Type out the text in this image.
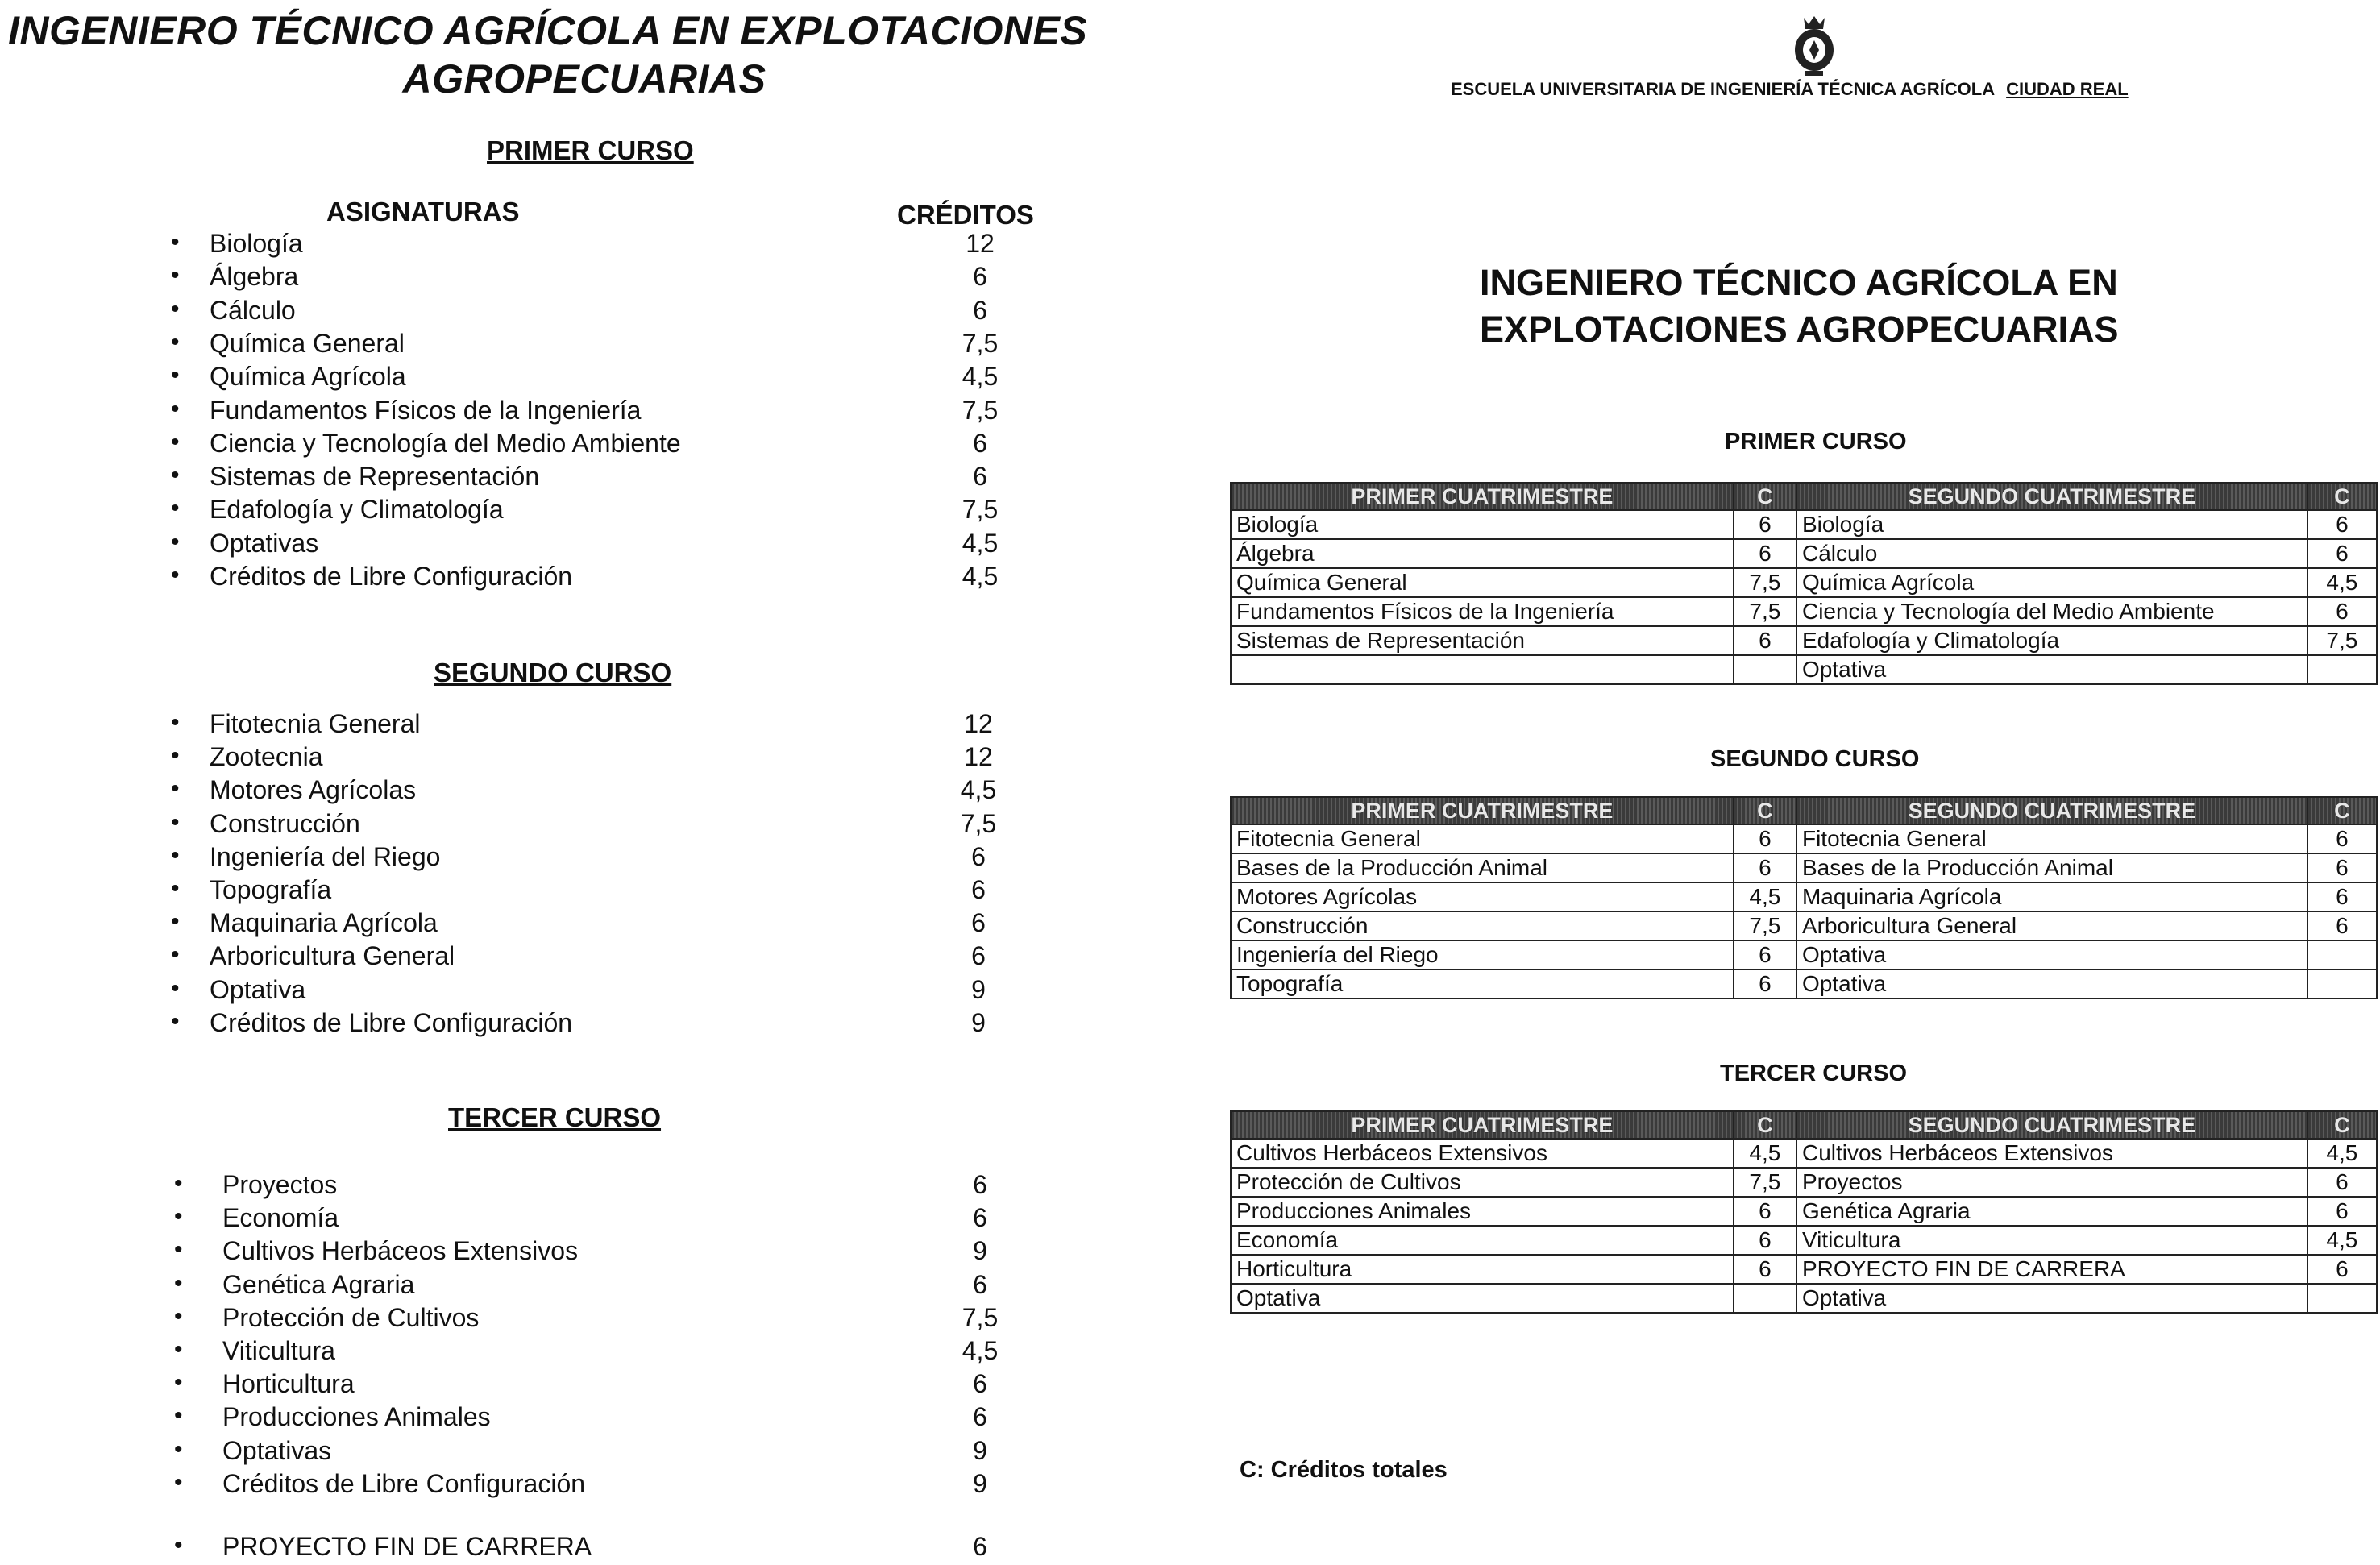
INGENIERO TÉCNICO AGRÍCOLA EN EXPLOTACIONES
AGROPECUARIAS
PRIMER CURSO
ASIGNATURAS	CRÉDITOS
• Biología	12
• Álgebra	6
• Cálculo	6
• Química General	7,5
• Química Agrícola	4,5
• Fundamentos Físicos de la Ingeniería	7,5
• Ciencia y Tecnología del Medio Ambiente	6
• Sistemas de Representación	6
• Edafología y Climatología	7,5
• Optativas	4,5
• Créditos de Libre Configuración	4,5
SEGUNDO CURSO
• Fitotecnia General	12
• Zootecnia	12
• Motores Agrícolas	4,5
• Construcción	7,5
• Ingeniería del Riego	6
• Topografía	6
• Maquinaria Agrícola	6
• Arboricultura General	6
• Optativa	9
• Créditos de Libre Configuración	9
TERCER CURSO
• Proyectos	6
• Economía	6
• Cultivos Herbáceos Extensivos	9
• Genética Agraria	6
• Protección de Cultivos	7,5
• Viticultura	4,5
• Horticultura	6
• Producciones Animales	6
• Optativas	9
• Créditos de Libre Configuración	9
• PROYECTO FIN DE CARRERA	6
ESCUELA UNIVERSITARIA DE INGENIERÍA TÉCNICA AGRÍCOLA CIUDAD REAL
INGENIERO TÉCNICO AGRÍCOLA EN
EXPLOTACIONES AGROPECUARIAS
PRIMER CURSO
PRIMER CUATRIMESTRE	C	SEGUNDO CUATRIMESTRE	C
Biología	6	Biología	6
Álgebra	6	Cálculo	6
Química General	7,5	Química Agrícola	4,5
Fundamentos Físicos de la Ingeniería	7,5	Ciencia y Tecnología del Medio Ambiente	6
Sistemas de Representación	6	Edafología y Climatología	7,5
		Optativa	
SEGUNDO CURSO
PRIMER CUATRIMESTRE	C	SEGUNDO CUATRIMESTRE	C
Fitotecnia General	6	Fitotecnia General	6
Bases de la Producción Animal	6	Bases de la Producción Animal	6
Motores Agrícolas	4,5	Maquinaria Agrícola	6
Construcción	7,5	Arboricultura General	6
Ingeniería del Riego	6	Optativa	
Topografía	6	Optativa	
TERCER CURSO
PRIMER CUATRIMESTRE	C	SEGUNDO CUATRIMESTRE	C
Cultivos Herbáceos Extensivos	4,5	Cultivos Herbáceos Extensivos	4,5
Protección de Cultivos	7,5	Proyectos	6
Producciones Animales	6	Genética Agraria	6
Economía	6	Viticultura	4,5
Horticultura	6	PROYECTO FIN DE CARRERA	6
Optativa		Optativa	
C: Créditos totales
